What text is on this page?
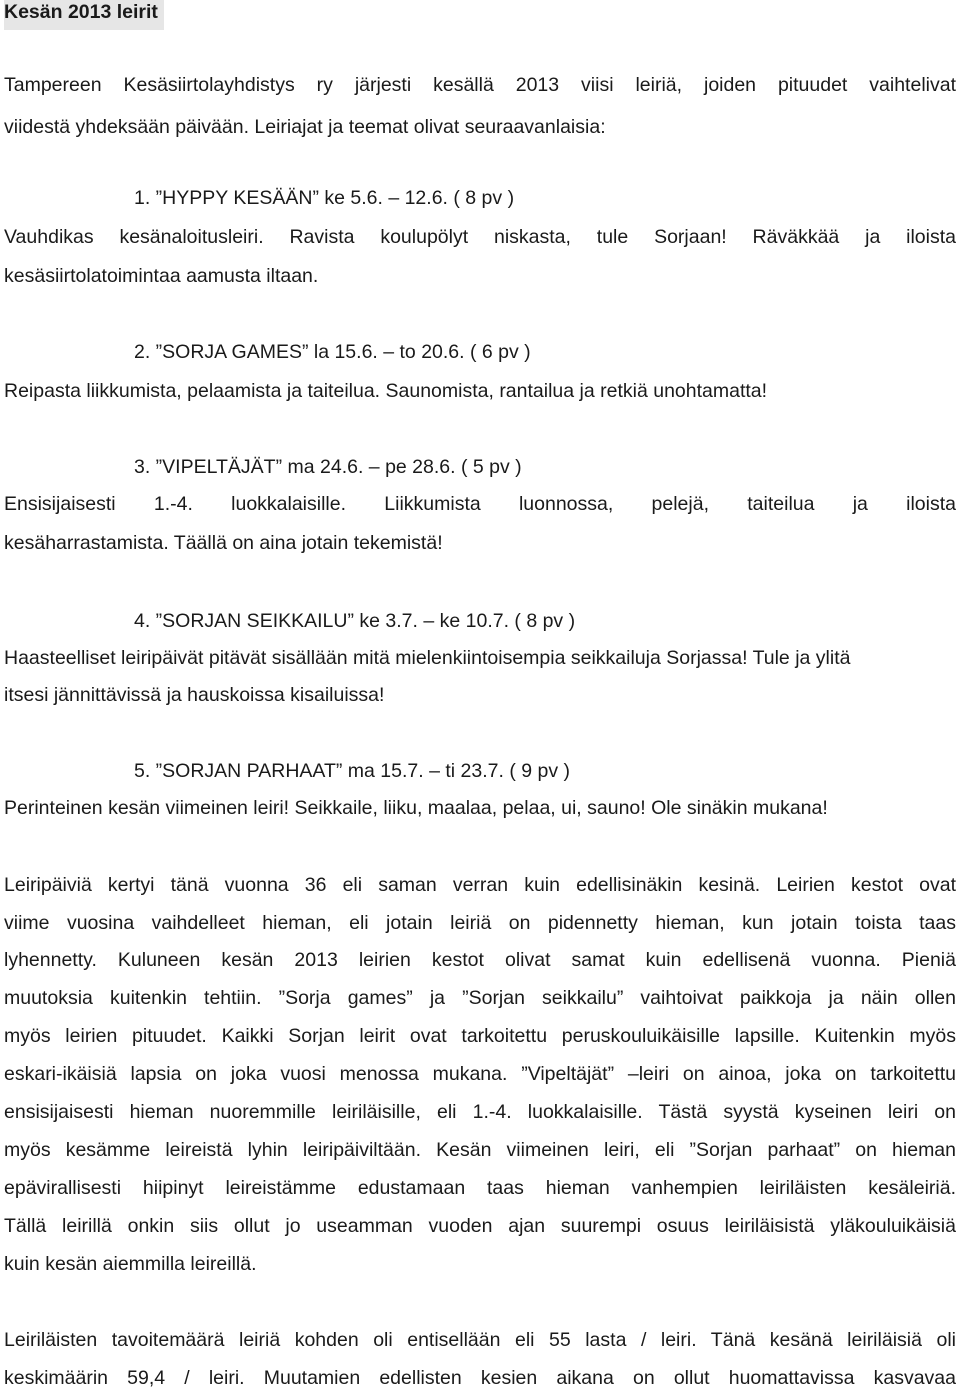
Kesän 2013 leirit
Tampereen Kesäsiirtolayhdistys ry järjesti kesällä 2013 viisi leiriä, joiden pituudet vaihtelivat
viidestä yhdeksään päivään. Leiriajat ja teemat olivat seuraavanlaisia:
1. ”HYPPY KESÄÄN” ke 5.6. – 12.6. ( 8 pv )
Vauhdikas kesänaloitusleiri. Ravista koulupölyt niskasta, tule Sorjaan! Räväkkää ja iloista
kesäsiirtolatoimintaa aamusta iltaan.
2. ”SORJA GAMES” la 15.6. – to 20.6. ( 6 pv )
Reipasta liikkumista, pelaamista ja taiteilua. Saunomista, rantailua ja retkiä unohtamatta!
3. ”VIPELTÄJÄT” ma 24.6. – pe 28.6. ( 5 pv )
Ensisijaisesti 1.-4. luokkalaisille. Liikkumista luonnossa, pelejä, taiteilua ja iloista
kesäharrastamista. Täällä on aina jotain tekemistä!
4. ”SORJAN SEIKKAILU” ke 3.7. – ke 10.7. ( 8 pv )
Haasteelliset leiripäivät pitävät sisällään mitä mielenkiintoisempia seikkailuja Sorjassa! Tule ja ylitä
itsesi jännittävissä ja hauskoissa kisailuissa!
5. ”SORJAN PARHAAT” ma 15.7. – ti 23.7. ( 9 pv )
Perinteinen kesän viimeinen leiri! Seikkaile, liiku, maalaa, pelaa, ui, sauno! Ole sinäkin mukana!
Leiripäiviä kertyi tänä vuonna 36 eli saman verran kuin edellisinäkin kesinä. Leirien kestot ovat
viime vuosina vaihdelleet hieman, eli jotain leiriä on pidennetty hieman, kun jotain toista taas
lyhennetty. Kuluneen kesän 2013 leirien kestot olivat samat kuin edellisenä vuonna. Pieniä
muutoksia kuitenkin tehtiin. ”Sorja games” ja ”Sorjan seikkailu” vaihtoivat paikkoja ja näin ollen
myös leirien pituudet. Kaikki Sorjan leirit ovat tarkoitettu peruskouluikäisille lapsille. Kuitenkin myös
eskari-ikäisiä lapsia on joka vuosi menossa mukana. ”Vipeltäjät” –leiri on ainoa, joka on tarkoitettu
ensisijaisesti hieman nuoremmille leiriläisille, eli 1.-4. luokkalaisille. Tästä syystä kyseinen leiri on
myös kesämme leireistä lyhin leiripäiviltään. Kesän viimeinen leiri, eli ”Sorjan parhaat” on hieman
epävirallisesti hiipinyt leireistämme edustamaan taas hieman vanhempien leiriläisten kesäleiriä.
Tällä leirillä onkin siis ollut jo useamman vuoden ajan suurempi osuus leiriläisistä yläkouluikäisiä
kuin kesän aiemmilla leireillä.
Leiriläisten tavoitemäärä leiriä kohden oli entisellään eli 55 lasta / leiri. Tänä kesänä leiriläisiä oli
keskimäärin 59,4 / leiri. Muutamien edellisten kesien aikana on ollut huomattavissa kasvavaa
